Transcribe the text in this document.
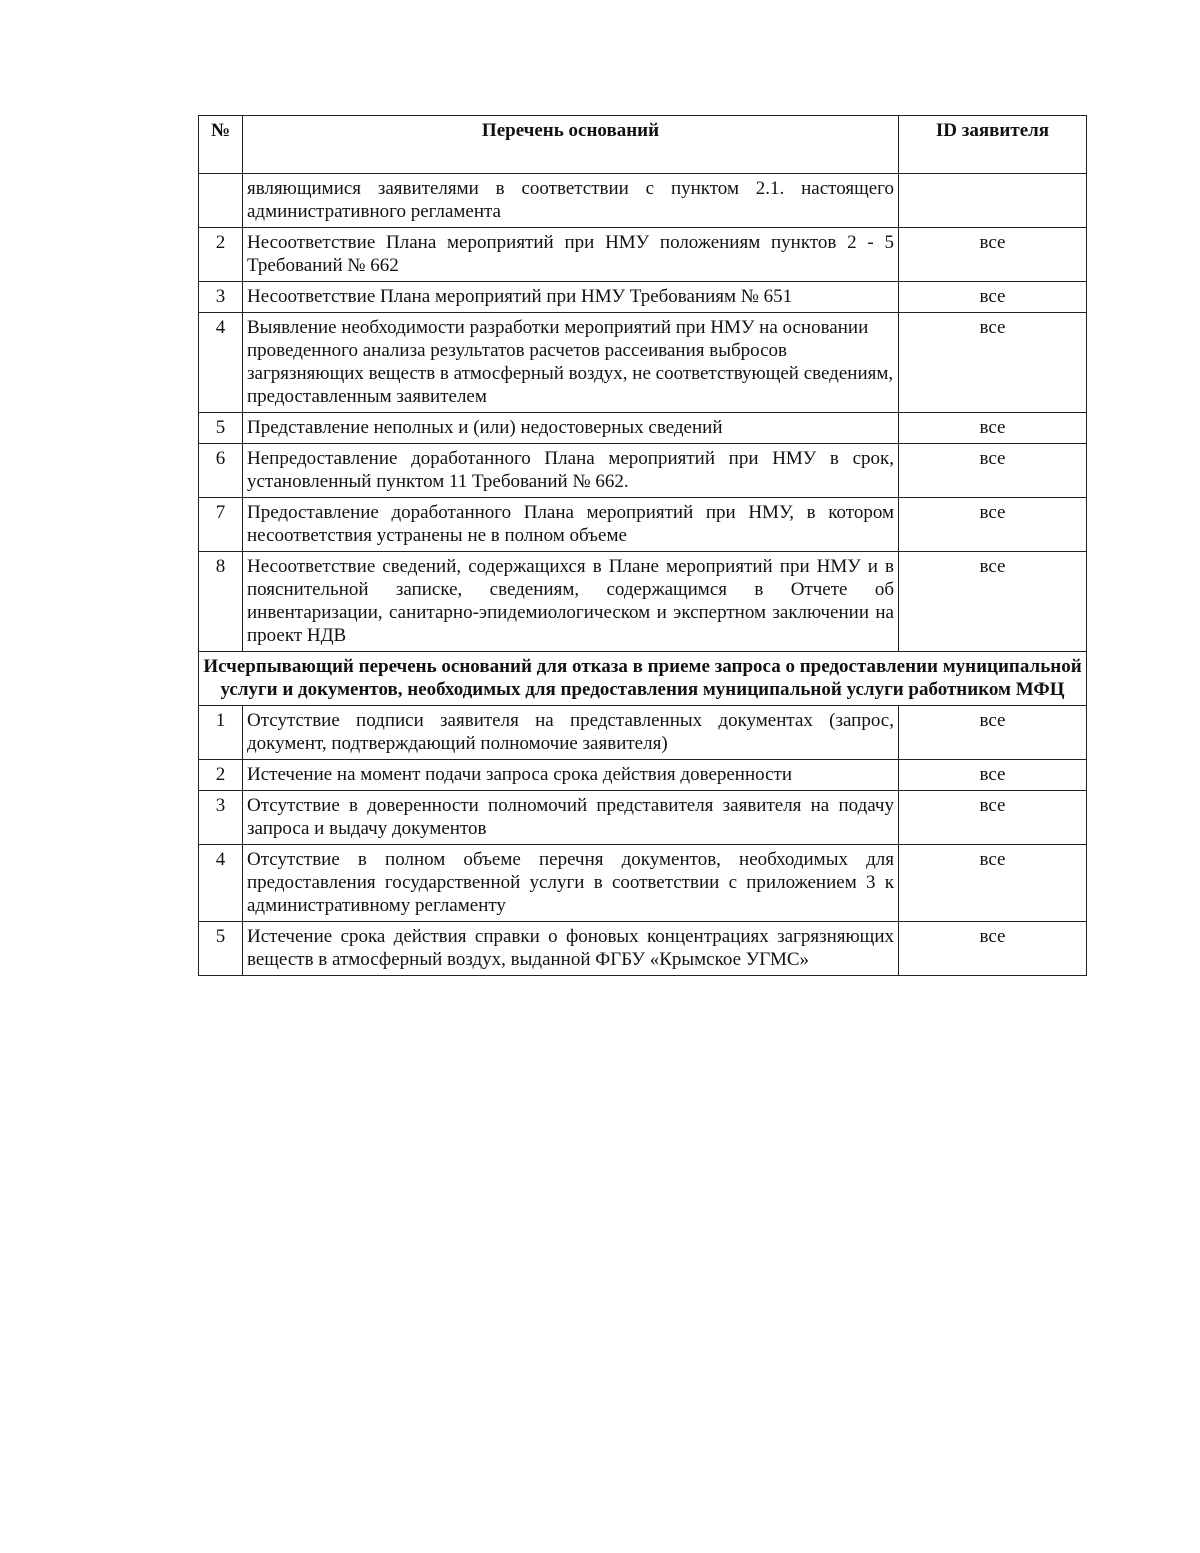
№	Перечень оснований	ID заявителя
	являющимися заявителями в соответствии с пунктом 2.1. настоящего административного регламента	
2	Несоответствие Плана мероприятий при НМУ положениям пунктов 2 - 5 Требований № 662	все
3	Несоответствие Плана мероприятий при НМУ Требованиям № 651	все
4	Выявление необходимости разработки мероприятий при НМУ на основании проведенного анализа результатов расчетов рассеивания выбросов загрязняющих веществ в атмосферный воздух, не соответствующей сведениям, предоставленным заявителем	все
5	Представление неполных и (или) недостоверных сведений	все
6	Непредоставление доработанного Плана мероприятий при НМУ в срок, установленный пунктом 11 Требований № 662.	все
7	Предоставление доработанного Плана мероприятий при НМУ, в котором несоответствия устранены не в полном объеме	все
8	Несоответствие сведений, содержащихся в Плане мероприятий при НМУ и в пояснительной записке, сведениям, содержащимся в Отчете об инвентаризации, санитарно-эпидемиологическом и экспертном заключении на проект НДВ	все
Исчерпывающий перечень оснований для отказа в приеме запроса о предоставлении муниципальной услуги и документов, необходимых для предоставления муниципальной услуги работником МФЦ		
1	Отсутствие подписи заявителя на представленных документах (запрос, документ, подтверждающий полномочие заявителя)	все
2	Истечение на момент подачи запроса срока действия доверенности	все
3	Отсутствие в доверенности полномочий представителя заявителя на подачу запроса и выдачу документов	все
4	Отсутствие в полном объеме перечня документов, необходимых для предоставления государственной услуги в соответствии с приложением 3 к административному регламенту	все
5	Истечение срока действия справки о фоновых концентрациях загрязняющих веществ в атмосферный воздух, выданной ФГБУ «Крымское УГМС»	все
